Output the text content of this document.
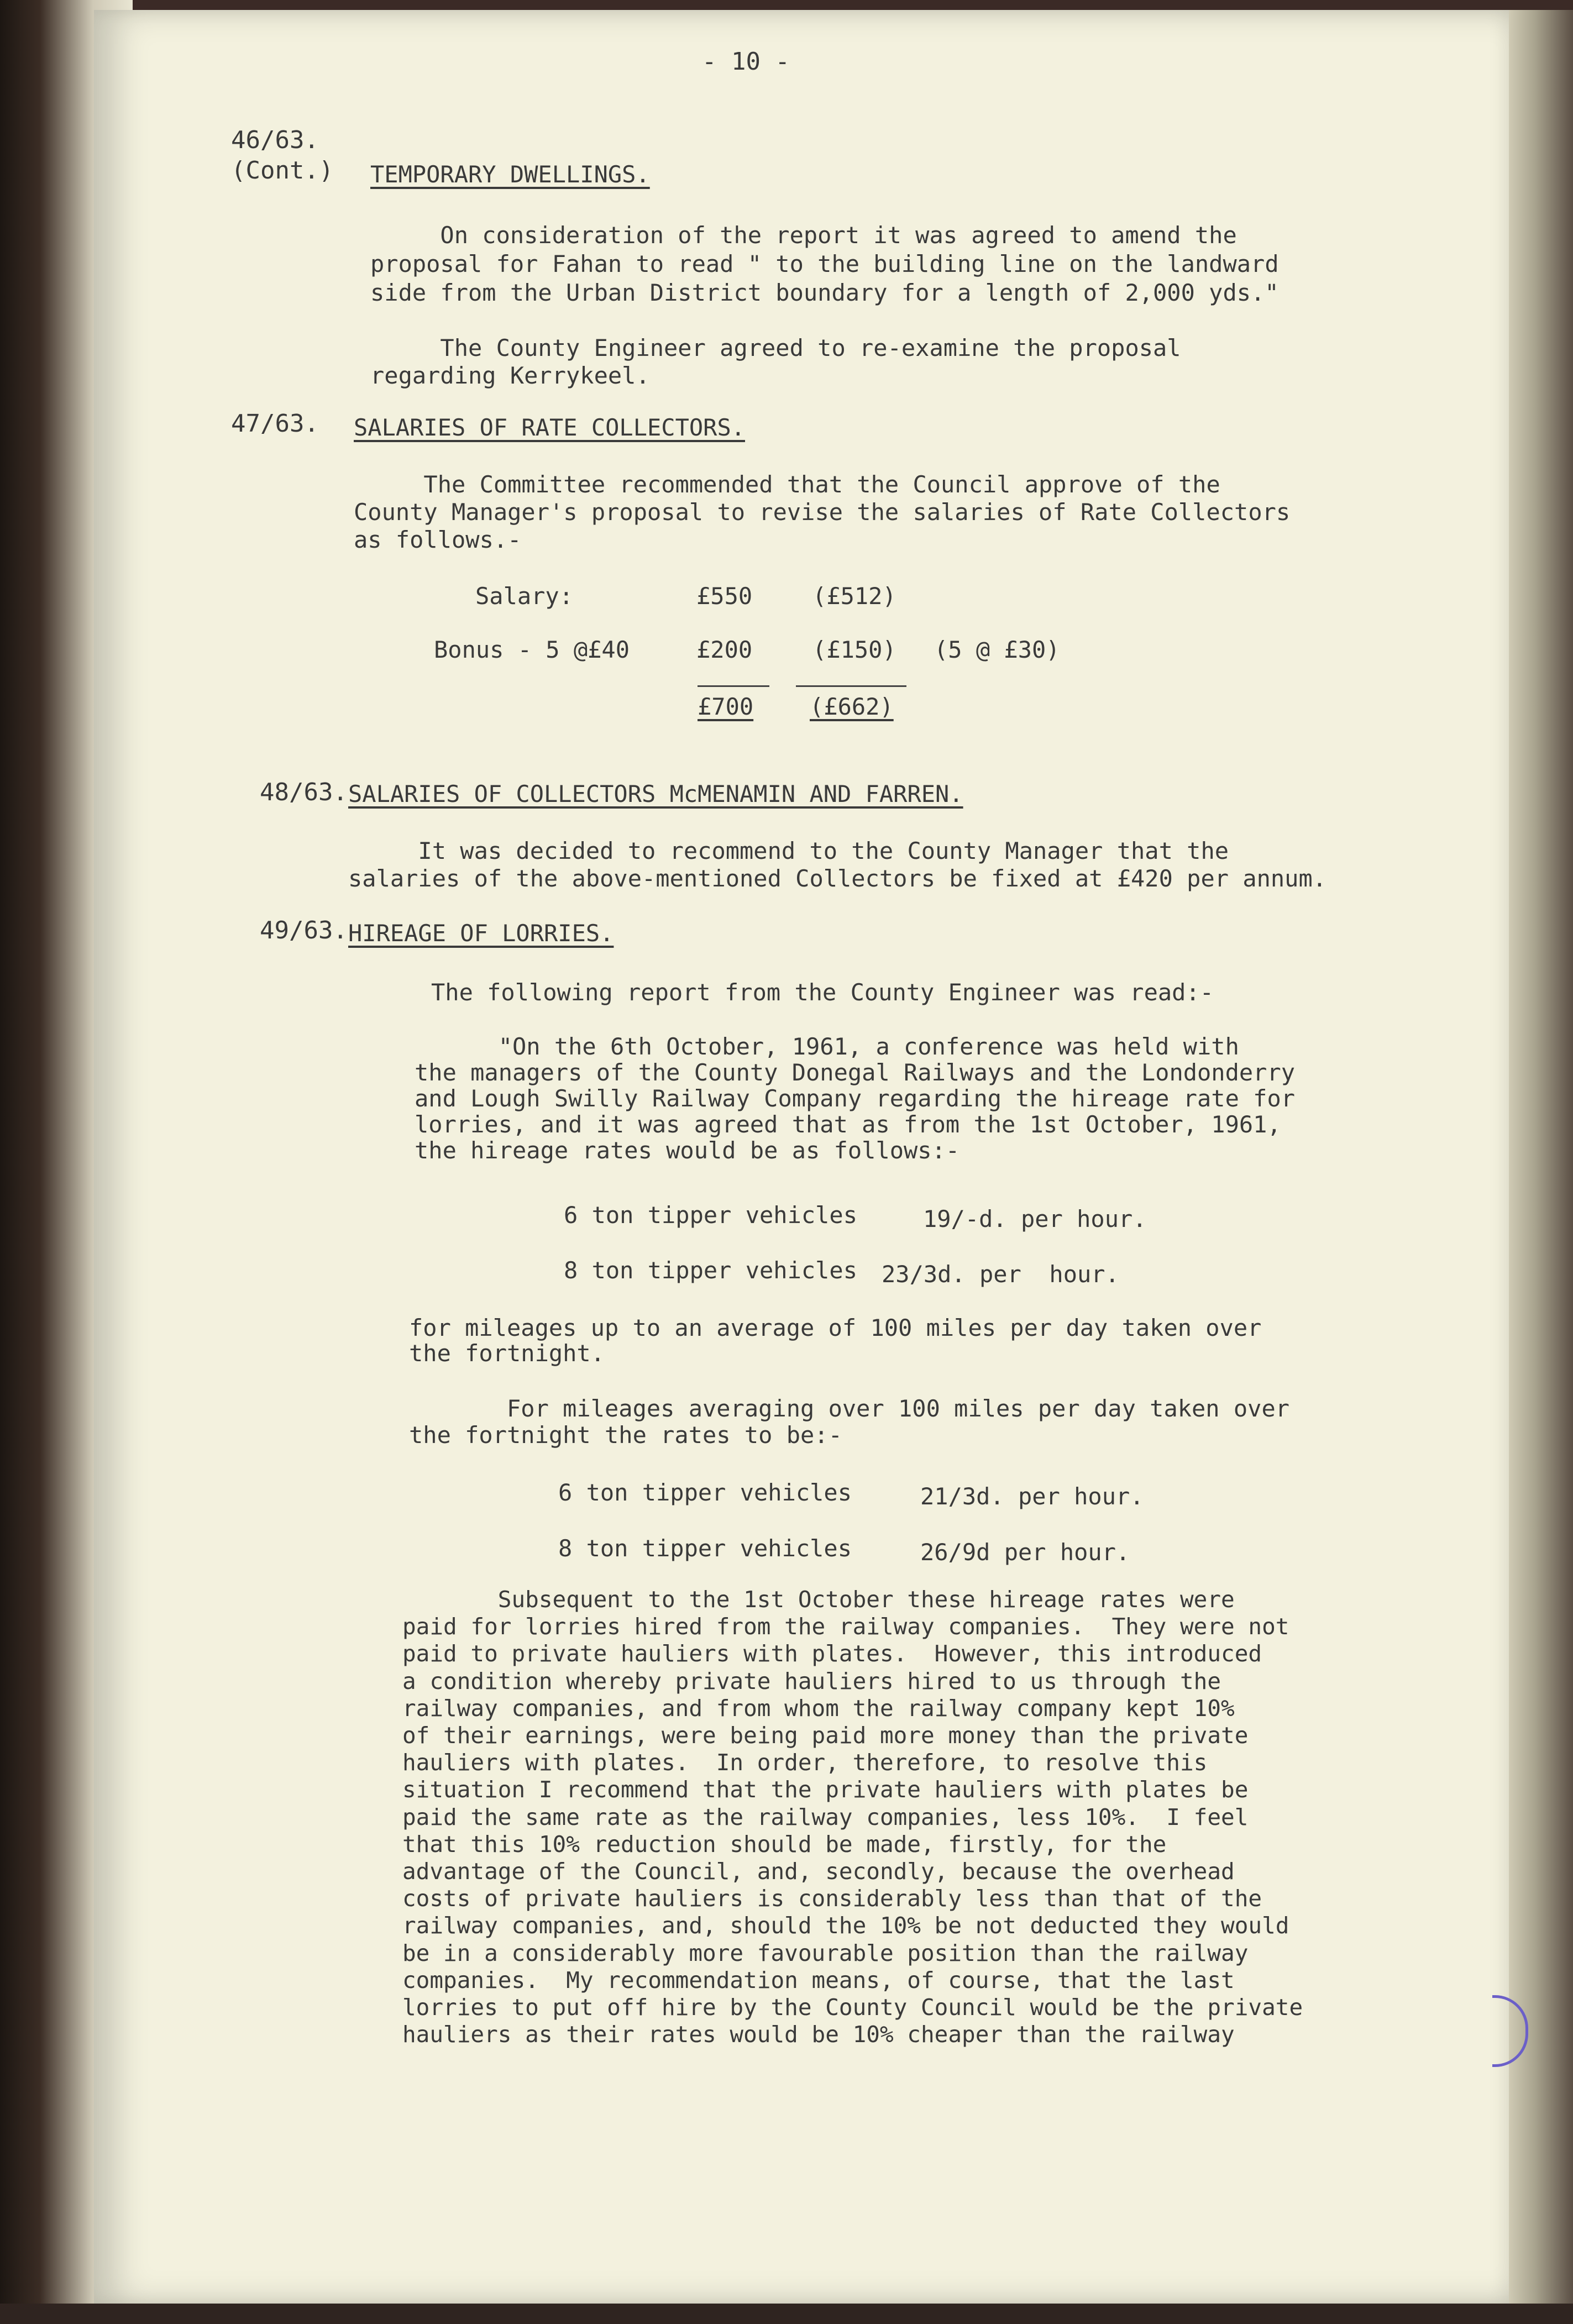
- 10 -
46/63.
(Cont.) TEMPORARY DWELLINGS.
On consideration of the report it was agreed to amend the
proposal for Fahan to read " to the building line on the landward
side from the Urban District boundary for a length of 2,000 yds."
The County Engineer agreed to re-examine the proposal
regarding Kerrykeel.
47/63. SALARIES OF RATE COLLECTORS.
The Committee recommended that the Council approve of the
County Manager's proposal to revise the salaries of Rate Collectors
as follows.-
Salary:	£550	(£512)
Bonus - 5 @£40	£200	(£150) (5 @ £30)
£700 (£662)
48/63. SALARIES OF COLLECTORS McMENAMIN AND FARREN.
It was decided to recommend to the County Manager that the
salaries of the above-mentioned Collectors be fixed at £420 per annum.
49/63. HIREAGE OF LORRIES.
The following report from the County Engineer was read:-
"On the 6th October, 1961, a conference was held with
the managers of the County Donegal Railways and the Londonderry
and Lough Swilly Railway Company regarding the hireage rate for
lorries, and it was agreed that as from the 1st October, 1961,
the hireage rates would be as follows:-
6 ton tipper vehicles	19/-d. per hour.
8 ton tipper vehicles 23/3d. per  hour.
for mileages up to an average of 100 miles per day taken over
the fortnight.
For mileages averaging over 100 miles per day taken over
the fortnight the rates to be:-
6 ton tipper vehicles	21/3d. per hour.
8 ton tipper vehicles	26/9d per hour.
Subsequent to the 1st October these hireage rates were
paid for lorries hired from the railway companies.  They were not
paid to private hauliers with plates.  However, this introduced
a condition whereby private hauliers hired to us through the
railway companies, and from whom the railway company kept 10%
of their earnings, were being paid more money than the private
hauliers with plates.  In order, therefore, to resolve this
situation I recommend that the private hauliers with plates be
paid the same rate as the railway companies, less 10%.  I feel
that this 10% reduction should be made, firstly, for the
advantage of the Council, and, secondly, because the overhead
costs of private hauliers is considerably less than that of the
railway companies, and, should the 10% be not deducted they would
be in a considerably more favourable position than the railway
companies.  My recommendation means, of course, that the last
lorries to put off hire by the County Council would be the private
hauliers as their rates would be 10% cheaper than the railway
